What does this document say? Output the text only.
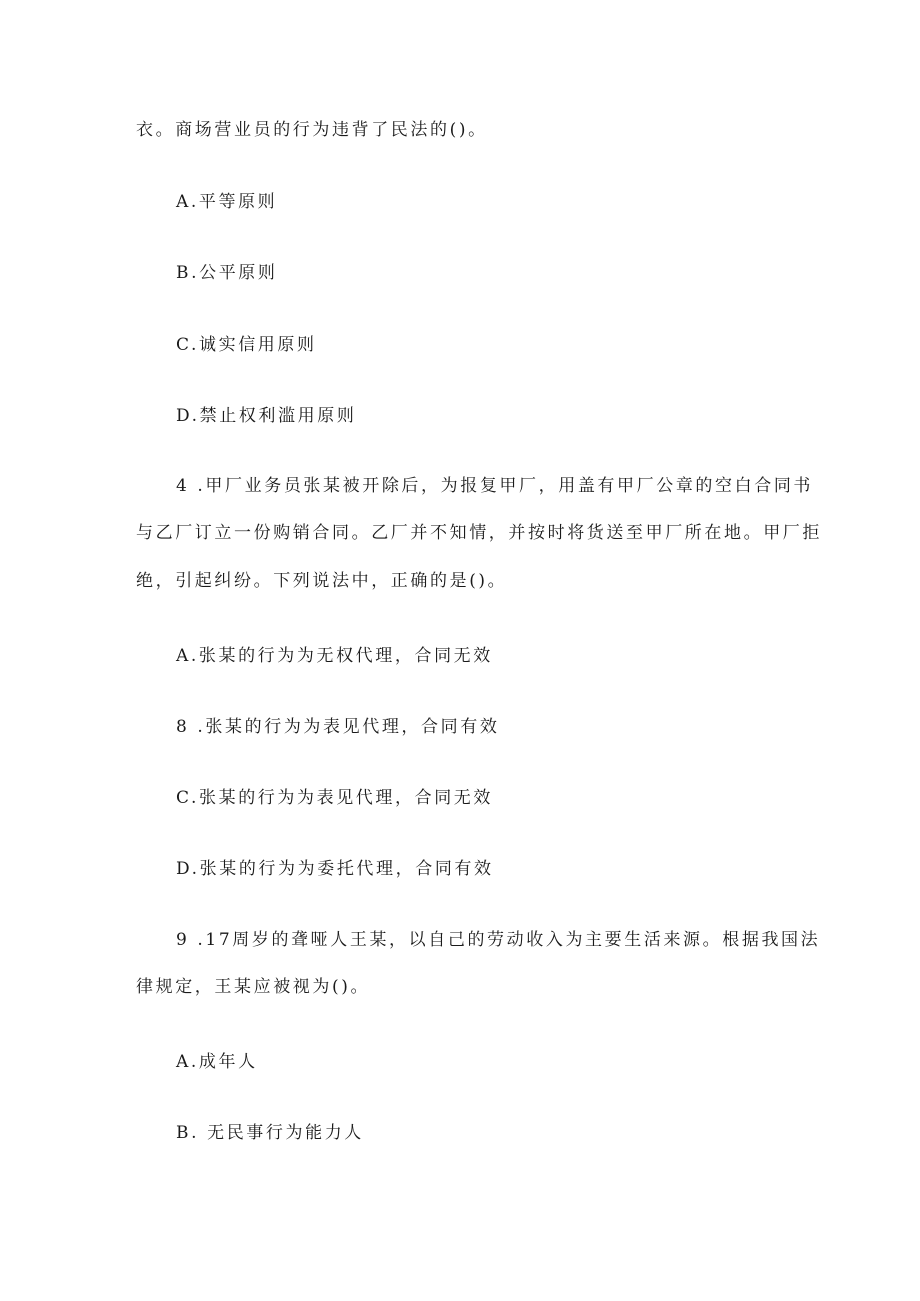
衣。商场营业员的行为违背了民法的()。
A.平等原则
B.公平原则
C.诚实信用原则
D.禁止权利滥用原则
4 .甲厂业务员张某被开除后，为报复甲厂，用盖有甲厂公章的空白合同书
与乙厂订立一份购销合同。乙厂并不知情，并按时将货送至甲厂所在地。甲厂拒
绝，引起纠纷。下列说法中，正确的是()。
A.张某的行为为无权代理，合同无效
8 .张某的行为为表见代理，合同有效
C.张某的行为为表见代理，合同无效
D.张某的行为为委托代理，合同有效
9 .17周岁的聋哑人王某，以自己的劳动收入为主要生活来源。根据我国法
律规定，王某应被视为()。
A.成年人
B. 无民事行为能力人
